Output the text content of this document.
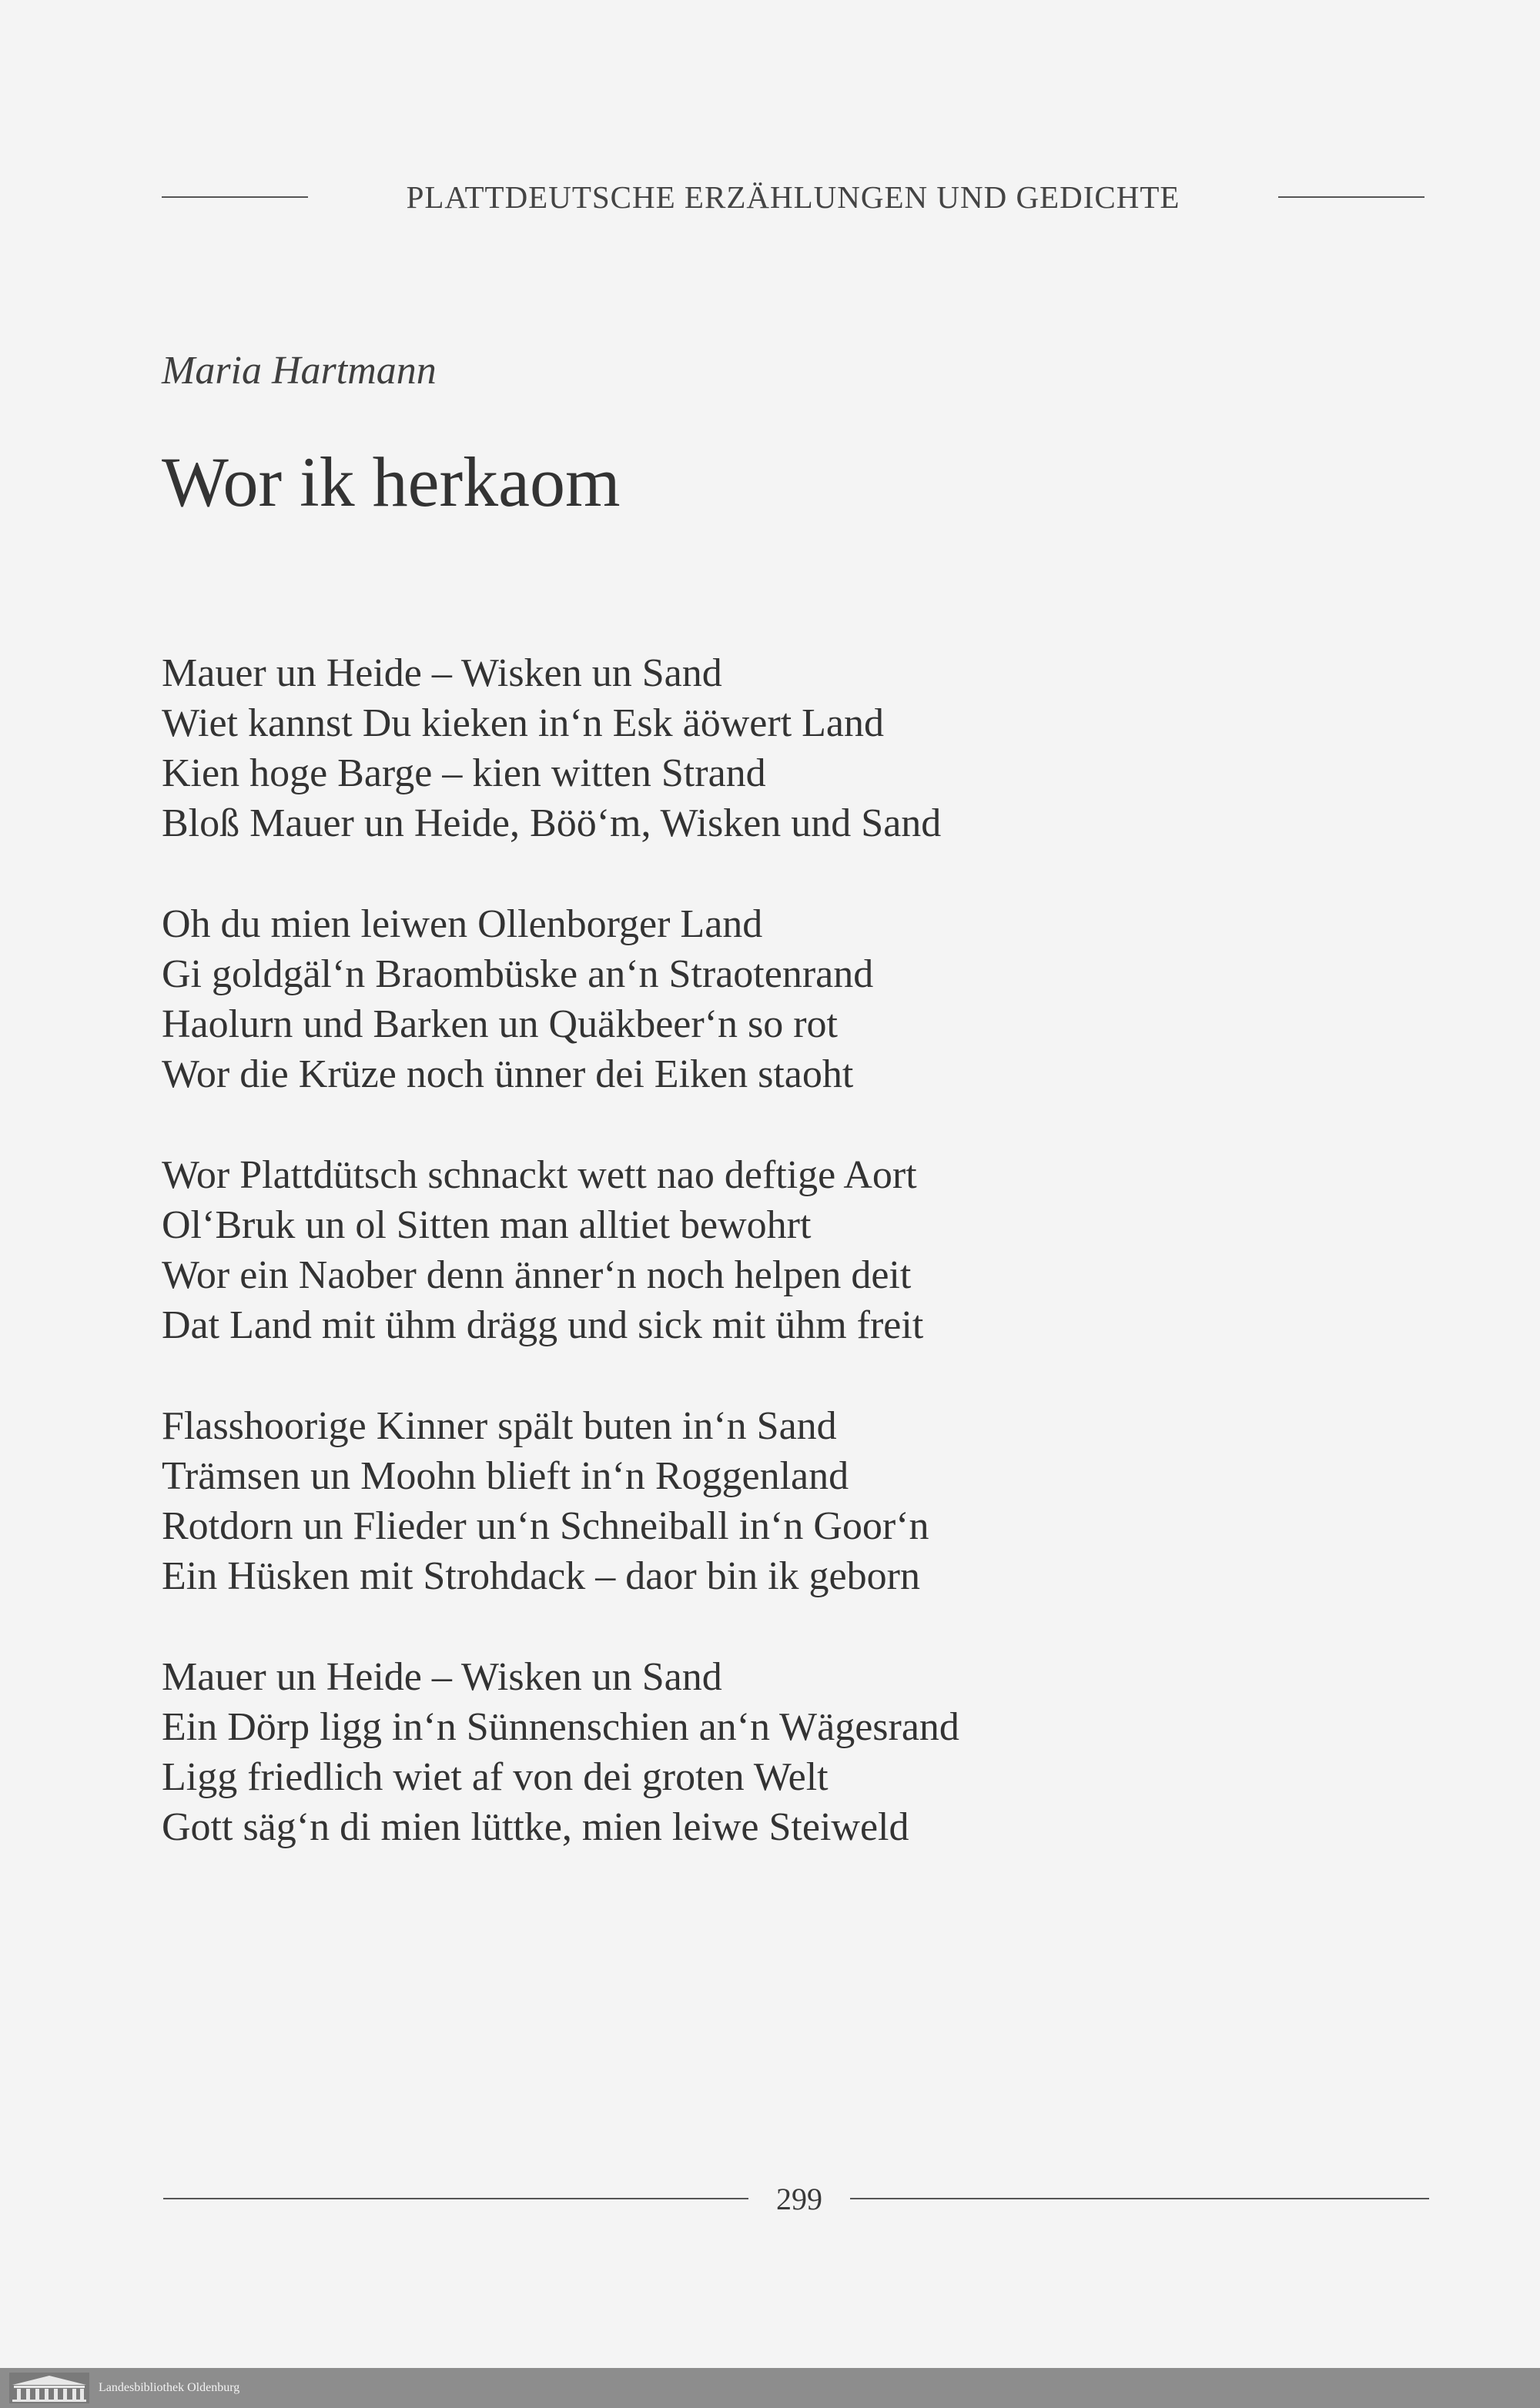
PLATTDEUTSCHE ERZÄHLUNGEN UND GEDICHTE
Maria Hartmann
Wor ik herkaom
Mauer un Heide – Wisken un Sand
Wiet kannst Du kieken in‘n Esk äöwert Land
Kien hoge Barge – kien witten Strand
Bloß Mauer un Heide, Böö‘m, Wisken und Sand
Oh du mien leiwen Ollenborger Land
Gi goldgäl‘n Braombüske an‘n Straotenrand
Haolurn und Barken un Quäkbeer‘n so rot
Wor die Krüze noch ünner dei Eiken staoht
Wor Plattdütsch schnackt wett nao deftige Aort
Ol‘Bruk un ol Sitten man alltiet bewohrt
Wor ein Naober denn änner‘n noch helpen deit
Dat Land mit ühm drägg und sick mit ühm freit
Flasshoorige Kinner spält buten in‘n Sand
Trämsen un Moohn blieft in‘n Roggenland
Rotdorn un Flieder un‘n Schneiball in‘n Goor‘n
Ein Hüsken mit Strohdack – daor bin ik geborn
Mauer un Heide – Wisken un Sand
Ein Dörp ligg in‘n Sünnenschien an‘n Wägesrand
Ligg friedlich wiet af von dei groten Welt
Gott säg‘n di mien lüttke, mien leiwe Steiweld
299
Landesbibliothek Oldenburg
